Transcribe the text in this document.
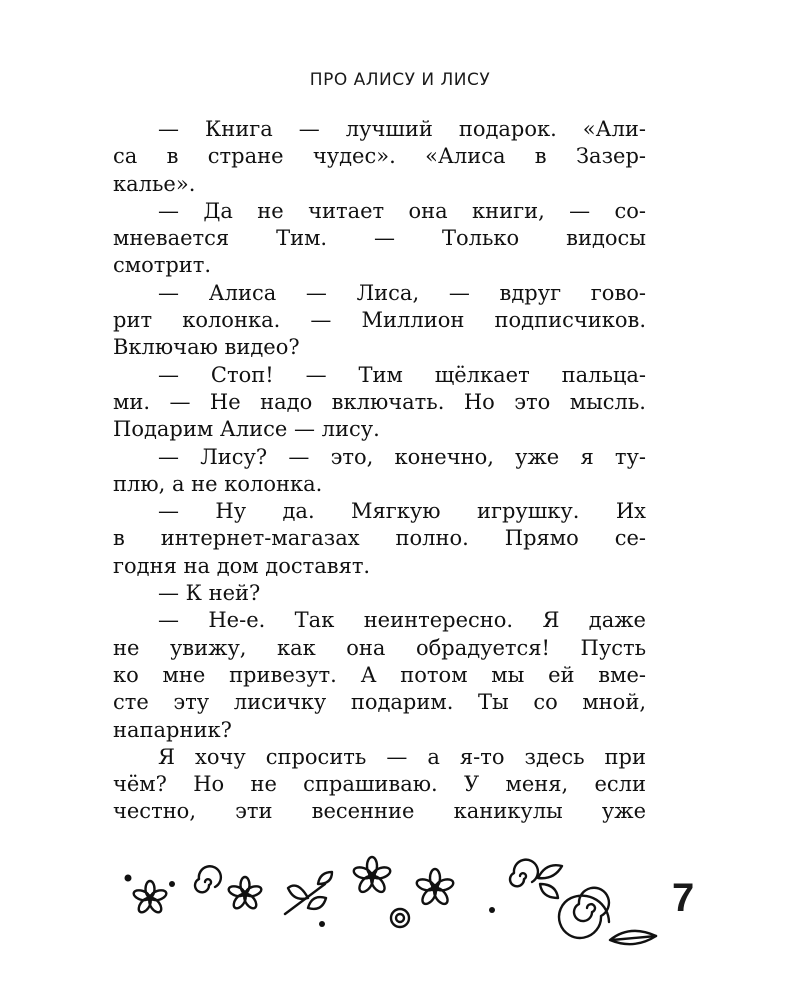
ПРО АЛИСУ И ЛИСУ

— Книга — лучший подарок. «Али-
са в стране чудес». «Алиса в Зазер-
калье».

— Да не читает она книги, — со-
мневается Тим. — Только видосы
смотрит.

— Алиса — Лиса, — вдруг гово-
рит колонка. — Миллион подписчиков.
Включаю видео?

— Стоп! — Тим щёлкает пальца-
ми. — Не надо включать. Но это мысль.
Подарим Алисе — лису.

— Лису? — это, конечно, уже я ту-
плю, а не колонка.

— Ну да. Мягкую игрушку. Их
в интернет-магазах полно. Прямо се-
годня на дом доставят.

— К ней?

— Не-е. Так неинтересно. Я даже
не увижу, как она обрадуется! Пусть
ко мне привезут. А потом мы ей вме-
сте эту лисичку подарим. Ты со мной,
напарник?

Я хочу спросить — а я-то здесь при
чём? Но не спрашиваю. У меня, если
честно, эти весенние каникулы уже

7
